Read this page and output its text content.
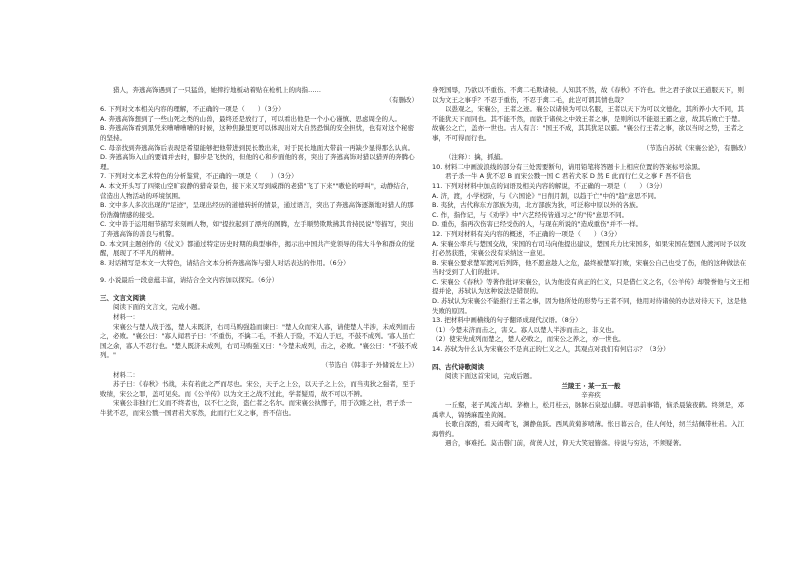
猎人，奔逃高饰遇到了一只猛兽，她摔拧地板动着贴在枪机上的肉指……

（有删改）

6. 下列对文本相关内容的理解，不正确的一项是（　　）（3分）

A. 奔逃高饰想到了一些山死之类的山兽，最终还是放行了，可以看出他是一个小心谨慎、思虑周全的人。

B. 奔逃高饰看到黑凭来嘈嘈嘈嘈的时候，这种焦躁里更可以体现出对大自然恐惧的安全担忧，也有对这个秘密的坚持。

C. 母亲找到奔逃高饰后表现是希望能够把他带进到民长教出来，对于民长地面大带前一再缺少显得那么认真。

D. 奔逃高饰入山的要诵并去时，脚步是飞快的，但他的心和步面他的喜，突出了奔逃高饰对猎以猎弄的奔腾心理。

7. 下列对文本艺术特色的分析鉴赏，不正确的一项是（　　）（3分）

A. 本文开头写了四梁山空旷寂静的猎奇景色，接下来又写到威群的老猎"飞了下来""嗷伦的呼叫"，动静结合，营造出人物活动的环境氛围。

B. 文中多人多次出现的"足迹"，呈现出经历的道德转折的情景，通过语言，突出了奔逃高饰逐渐地对猎人的那份浩瀚情感的接受。

C. 文中善于运用细节描写来刻画人物，如"提拉起到了漂亮的图腾，左手顺势欺欺拂其肯持民说"等描写，突出了奔逃高饰的善良与机警。

D. 本文同主题创作的《仗义》都通过特定历史时期的典型事件，揭示出中国共产党领导的伟大斗争和群众的觉醒，展现了不平凡的精神。

8. 对话精写是本文一大特色，请结合文本分析奔逃高饰与猎人对话表达的作用。（6分）

9. 小说最后一段意蕴丰富，请结合全文内容加以探究。（6分）

三、文言文阅读

阅读下面的文言文，完成小题。

材料一：

宋襄公与楚人战于泓，楚人未既济，右司马购强趋而谏曰："楚人众而宋人寡，请使楚人半涉，未成列而击之，必败。"襄公曰："寡人闻君子曰：'不重伤，不擒二毛，不推人于险，不迫人于厄，不鼓不成列。'寡人虽亡国之余，寡人不忍行也。"楚人既济未成列，右司马购强又曰："今楚未成列，击之，必败。"襄公曰："不鼓不成列。"

（节选自《韩非子·外储说左上》）

材料二：

苏子曰：《春秋》书战，未有若此之严而尽也。宋公，天子之上公，以天子之上公，而当夷狄之强者，至于败绩，宋公之罪，盖可见矣。而《公羊传》以为文王之战不过此，学者疑焉，故不可以不辨。

宋襄公非独行仁义而不终者也，以不仁之资，盗仁者之名尔。而宋襄公执鄫子，用于次睢之社，君子杀一牛犹不忍，而宋公戮一国君若犬豕然，此而行仁义之事，吾不信也。

身死国辱，乃欲以不重伤、不禽二毛欺诸侯。人知其不然，故《春秋》不许也。世之君子欲以王道服天下，则以为文王之事乎？不忍于重伤，不忍于禽二毛，此岂可谓其情也哉？

以愚观之，宋襄公，王者之迹。襄公以诸侯为可以名服，王者以天下为可以文德化，其所养小大不同，其不能犹天下而同也。其不能不然，而欲于诸侯之中效王者之事，是则所以不能退王霸之意，故其后败亡于楚。故襄公之亡，盖亦一世也。古人有言："国王不成，其其犹足以霸。"襄公行王者之事，欲以当时之势，王者之事，不可得而行也。

（节选自苏轼《宋襄公论》，有删改）

（注释）：擒，抓捕。

10. 材料二中画波浪线的部分有三处需要断句，请用铅笔将答题卡上相应位置的答案标号涂黑。

君子杀一牛 A 犹不忍 B 而宋公戮一国 C 君若犬豕 D 然 E 此而行仁义之事 F 吾不信也

11. 下列对材料中加点的词语及相关内容的解说，不正确的一项是（　　）（3分）

A. 济，渡，小学校阶，与《六国论》"日削月割，以趋于亡"中的"趋"意思不同。

B. 夷狄，古代称东方部族为夷，北方部族为狄，可泛称中原以外的各族。

C. 作，指作记，与《劝学》中"六艺经传皆通习之"的"传"意思不同。

D. 重伤，指再次伤害已经受伤的人，与现在所说的"造成重伤"并不一样。

12. 下列对材料有关内容的概述，不正确的一项是（　　）（3分）

A. 宋襄公率兵与楚国交战，宋国的右司马向他提出建议，楚国兵力比宋国多，如果宋国在楚国人渡河时予以攻打必然获胜，宋襄公没有采纳这一意见。

B. 宋襄公要求楚军渡河后列阵，他不愿意趁人之危，最终被楚军打败，宋襄公自己也受了伤，他的这种做法在当时受到了人们的批评。

C. 宋襄公《春秋》等著作批评宋襄公，认为他没有真正的仁义，只是借仁义之名，《公羊传》却赞誉他与文王相提并论，苏轼认为这种说法是错误的。

D. 苏轼认为宋襄公不能推行王者之事，因为他所处的形势与王者不同，他用对待诸侯的办法对待天下，这是他失败的原因。

13. 把材料中画横线的句子翻译成现代汉语。（8分）

（1）今楚未济而击之，害义。寡人以楚人半涉而击之，非义也。

（2）使宋先成列而楚之，楚人必败之，而宋公之养之，亦一世也。

14. 苏轼为什么认为宋襄公不是真正的仁义之人，其观点对我们有何启示？（3分）

四、古代诗歌阅读

阅读下面这首宋词，完成后题。

兰陵王 · 某一五一般

辛弃疾

一丘壑，老子风流占却。茅檐上，松月桂云，脉脉石泉逗山脚。寻思前事错，恼杀晨猿夜鹤。终须是，邓禹辈人，锦绣麻霞坐黄阁。

长歌自深酌，看天阔鸢飞，渊静鱼跃。西风黄菊芗喷薄。怅日暮云合，佳人何处，纫兰结佩带杜若。入江海曾约。

遇合，事难托。莫击磬门前，荷蒉人过，仰天大笑冠簪落。待说与穷达，不须疑著。
